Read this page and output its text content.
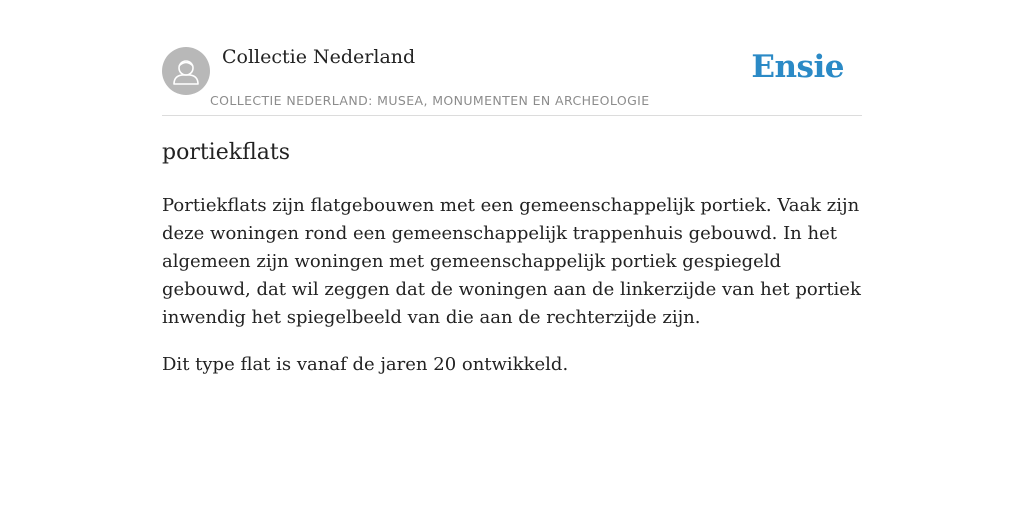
Collectie Nederland
COLLECTIE NEDERLAND: MUSEA, MONUMENTEN EN ARCHEOLOGIE
Ensie
portiekflats

Portiekflats zijn flatgebouwen met een gemeenschappelijk portiek. Vaak zijn deze woningen rond een gemeenschappelijk trappenhuis gebouwd. In het algemeen zijn woningen met gemeenschappelijk portiek gespiegeld gebouwd, dat wil zeggen dat de woningen aan de linkerzijde van het portiek inwendig het spiegelbeeld van die aan de rechterzijde zijn.

Dit type flat is vanaf de jaren 20 ontwikkeld.
